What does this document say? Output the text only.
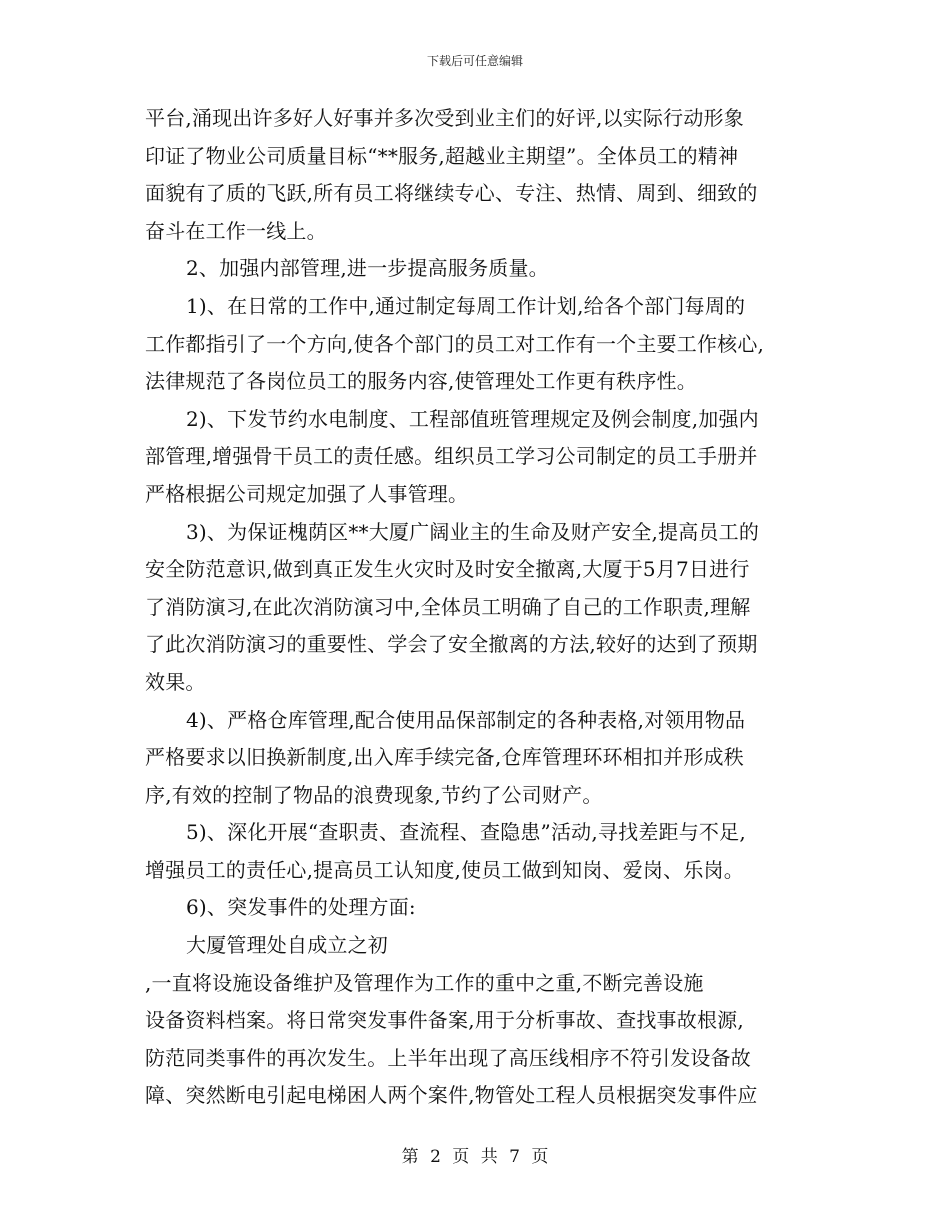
下载后可任意编辑
平台,涌现出许多好人好事并多次受到业主们的好评,以实际行动形象
印证了物业公司质量目标“**服务,超越业主期望”。全体员工的精神
面貌有了质的飞跃,所有员工将继续专心、专注、热情、周到、细致的
奋斗在工作一线上。
2、加强内部管理,进一步提高服务质量。
1)、在日常的工作中,通过制定每周工作计划,给各个部门每周的
工作都指引了一个方向,使各个部门的员工对工作有一个主要工作核心,
法律规范了各岗位员工的服务内容,使管理处工作更有秩序性。
2)、下发节约水电制度、工程部值班管理规定及例会制度,加强内
部管理,增强骨干员工的责任感。组织员工学习公司制定的员工手册并
严格根据公司规定加强了人事管理。
3)、为保证槐荫区**大厦广阔业主的生命及财产安全,提高员工的
安全防范意识,做到真正发生火灾时及时安全撤离,大厦于5月7日进行
了消防演习,在此次消防演习中,全体员工明确了自己的工作职责,理解
了此次消防演习的重要性、学会了安全撤离的方法,较好的达到了预期
效果。
4)、严格仓库管理,配合使用品保部制定的各种表格,对领用物品
严格要求以旧换新制度,出入库手续完备,仓库管理环环相扣并形成秩
序,有效的控制了物品的浪费现象,节约了公司财产。
5)、深化开展“查职责、查流程、查隐患”活动,寻找差距与不足,
增强员工的责任心,提高员工认知度,使员工做到知岗、爱岗、乐岗。
6)、突发事件的处理方面:
大厦管理处自成立之初
,一直将设施设备维护及管理作为工作的重中之重,不断完善设施
设备资料档案。将日常突发事件备案,用于分析事故、查找事故根源,
防范同类事件的再次发生。上半年出现了高压线相序不符引发设备故
障、突然断电引起电梯困人两个案件,物管处工程人员根据突发事件应
第 2 页 共 7 页
